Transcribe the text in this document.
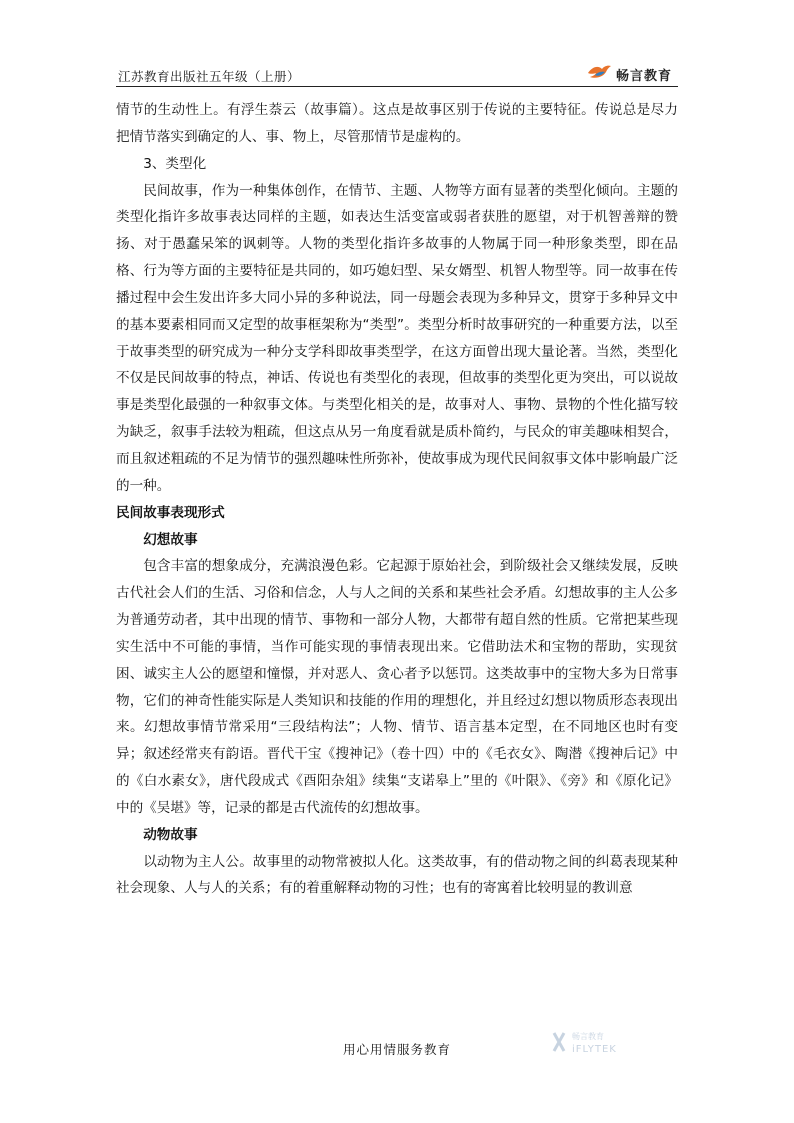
江苏教育出版社五年级（上册）	畅言教育

情节的生动性上。有浮生萘云（故事篇）。这点是故事区别于传说的主要特征。传说总是尽力把情节落实到确定的人、事、物上，尽管那情节是虚构的。

3、类型化

民间故事，作为一种集体创作，在情节、主题、人物等方面有显著的类型化倾向。主题的类型化指许多故事表达同样的主题，如表达生活变富或弱者获胜的愿望，对于机智善辩的赞扬、对于愚蠢呆笨的讽刺等。人物的类型化指许多故事的人物属于同一种形象类型，即在品格、行为等方面的主要特征是共同的，如巧媳妇型、呆女婿型、机智人物型等。同一故事在传播过程中会生发出许多大同小异的多种说法，同一母题会表现为多种异文，贯穿于多种异文中的基本要素相同而又定型的故事框架称为“类型”。类型分析时故事研究的一种重要方法，以至于故事类型的研究成为一种分支学科即故事类型学，在这方面曾出现大量论著。当然，类型化不仅是民间故事的特点，神话、传说也有类型化的表现，但故事的类型化更为突出，可以说故事是类型化最强的一种叙事文体。与类型化相关的是，故事对人、事物、景物的个性化描写较为缺乏，叙事手法较为粗疏，但这点从另一角度看就是质朴简约，与民众的审美趣味相契合，而且叙述粗疏的不足为情节的强烈趣味性所弥补，使故事成为现代民间叙事文体中影响最广泛的一种。

民间故事表现形式

幻想故事

包含丰富的想象成分，充满浪漫色彩。它起源于原始社会，到阶级社会又继续发展，反映古代社会人们的生活、习俗和信念，人与人之间的关系和某些社会矛盾。幻想故事的主人公多为普通劳动者，其中出现的情节、事物和一部分人物，大都带有超自然的性质。它常把某些现实生活中不可能的事情，当作可能实现的事情表现出来。它借助法术和宝物的帮助，实现贫困、诚实主人公的愿望和憧憬，并对恶人、贪心者予以惩罚。这类故事中的宝物大多为日常事物，它们的神奇性能实际是人类知识和技能的作用的理想化，并且经过幻想以物质形态表现出来。幻想故事情节常采用“三段结构法”；人物、情节、语言基本定型，在不同地区也时有变异；叙述经常夹有韵语。晋代干宝《搜神记》（卷十四）中的《毛衣女》、陶潜《搜神后记》中的《白水素女》，唐代段成式《酉阳杂俎》续集“支诺皋上”里的《叶限》、《旁》和《原化记》中的《吴堪》等，记录的都是古代流传的幻想故事。

动物故事

以动物为主人公。故事里的动物常被拟人化。这类故事，有的借动物之间的纠葛表现某种社会现象、人与人的关系；有的着重解释动物的习性；也有的寄寓着比较明显的教训意

畅言教育
iFLYTEK
用心用情服务教育
